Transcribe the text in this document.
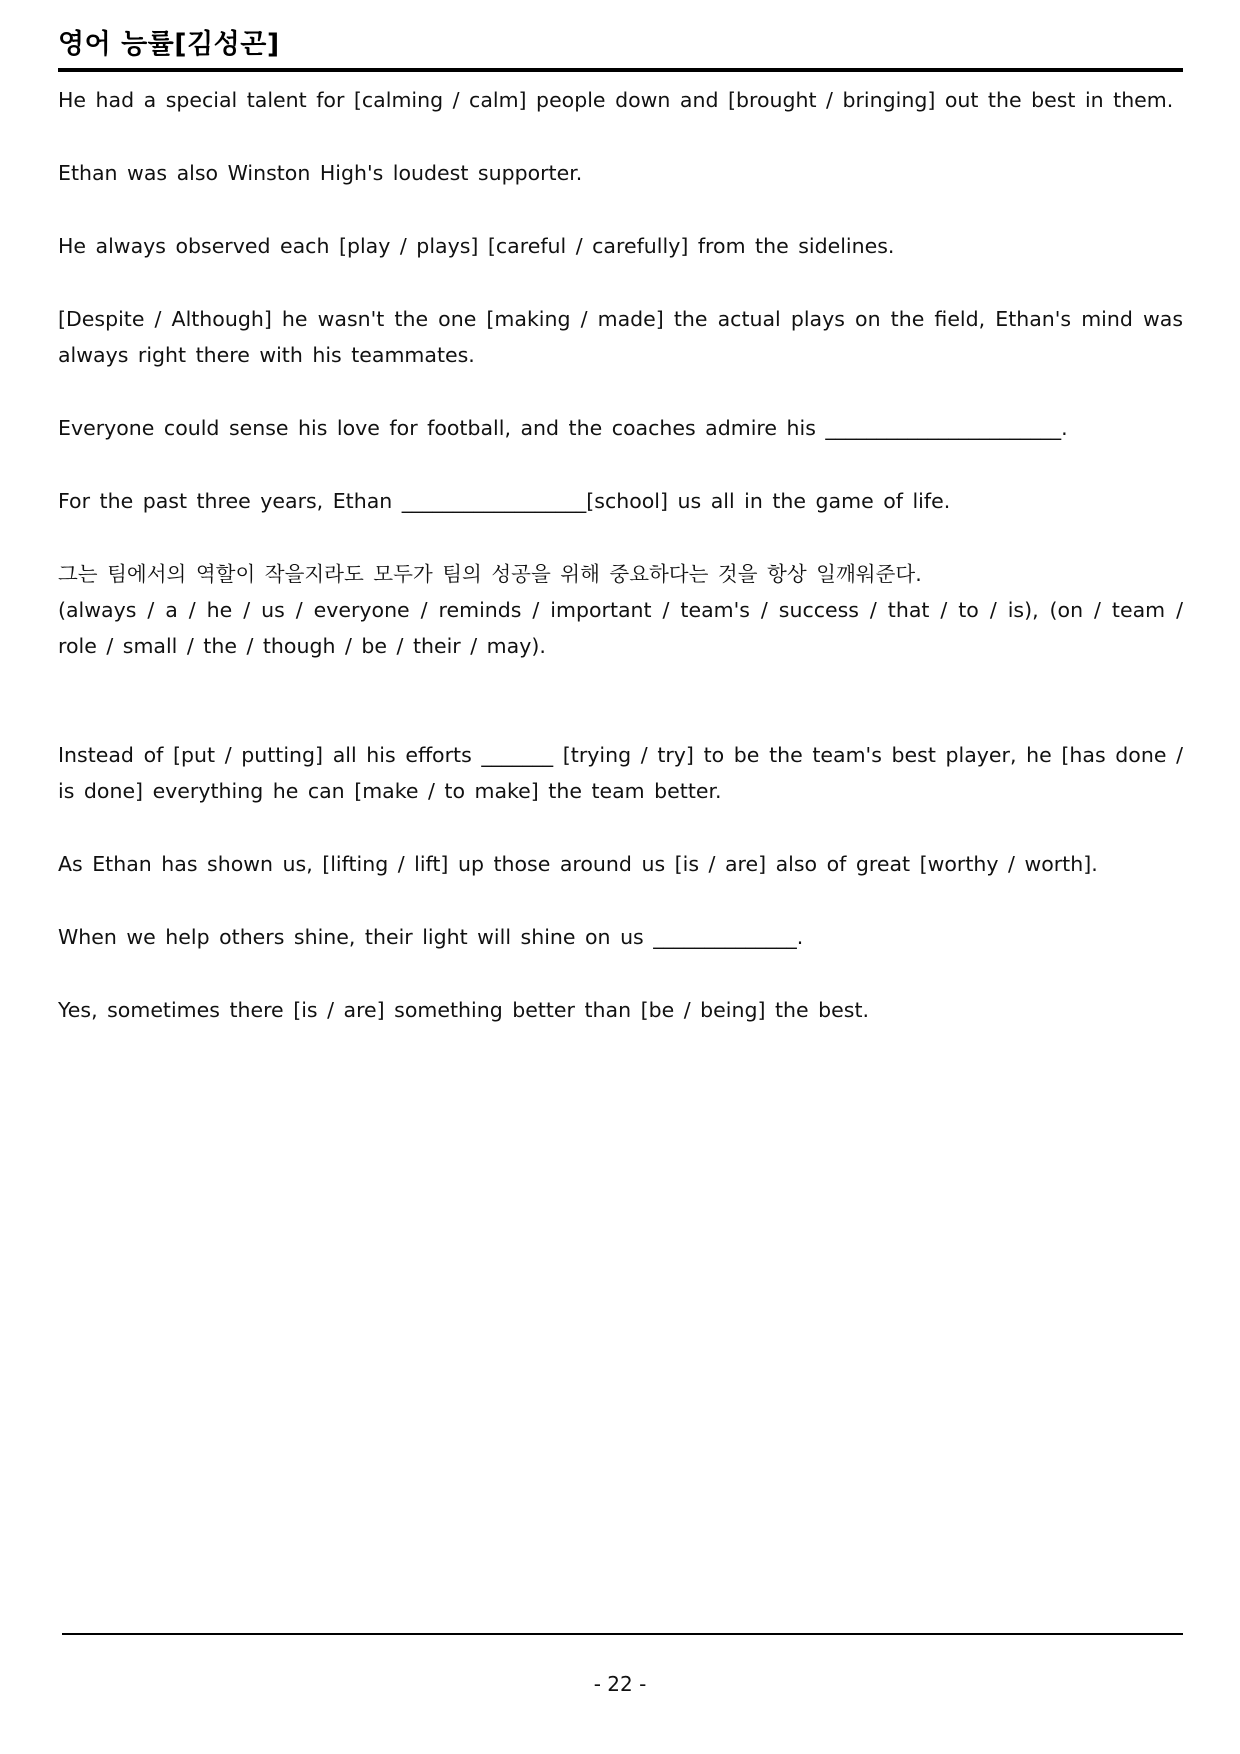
영어 능률[김성곤]

He had a special talent for [calming / calm] people down and [brought / bringing] out the best in them.

Ethan was also Winston High's loudest supporter.

He always observed each [play / plays] [careful / carefully] from the sidelines.

[Despite / Although] he wasn't the one [making / made] the actual plays on the field, Ethan's mind was always right there with his teammates.

Everyone could sense his love for football, and the coaches admire his _______________________.

For the past three years, Ethan __________________[school] us all in the game of life.

그는 팀에서의 역할이 작을지라도 모두가 팀의 성공을 위해 중요하다는 것을 항상 일깨워준다.

(always / a / he / us / everyone / reminds / important / team's / success / that / to / is), (on / team / role / small / the / though / be / their / may).

Instead of [put / putting] all his efforts _______ [trying / try] to be the team's best player, he [has done / is done] everything he can [make / to make] the team better.

As Ethan has shown us, [lifting / lift] up those around us [is / are] also of great [worthy / worth].

When we help others shine, their light will shine on us ______________.

Yes, sometimes there [is / are] something better than [be / being] the best.

- 22 -
